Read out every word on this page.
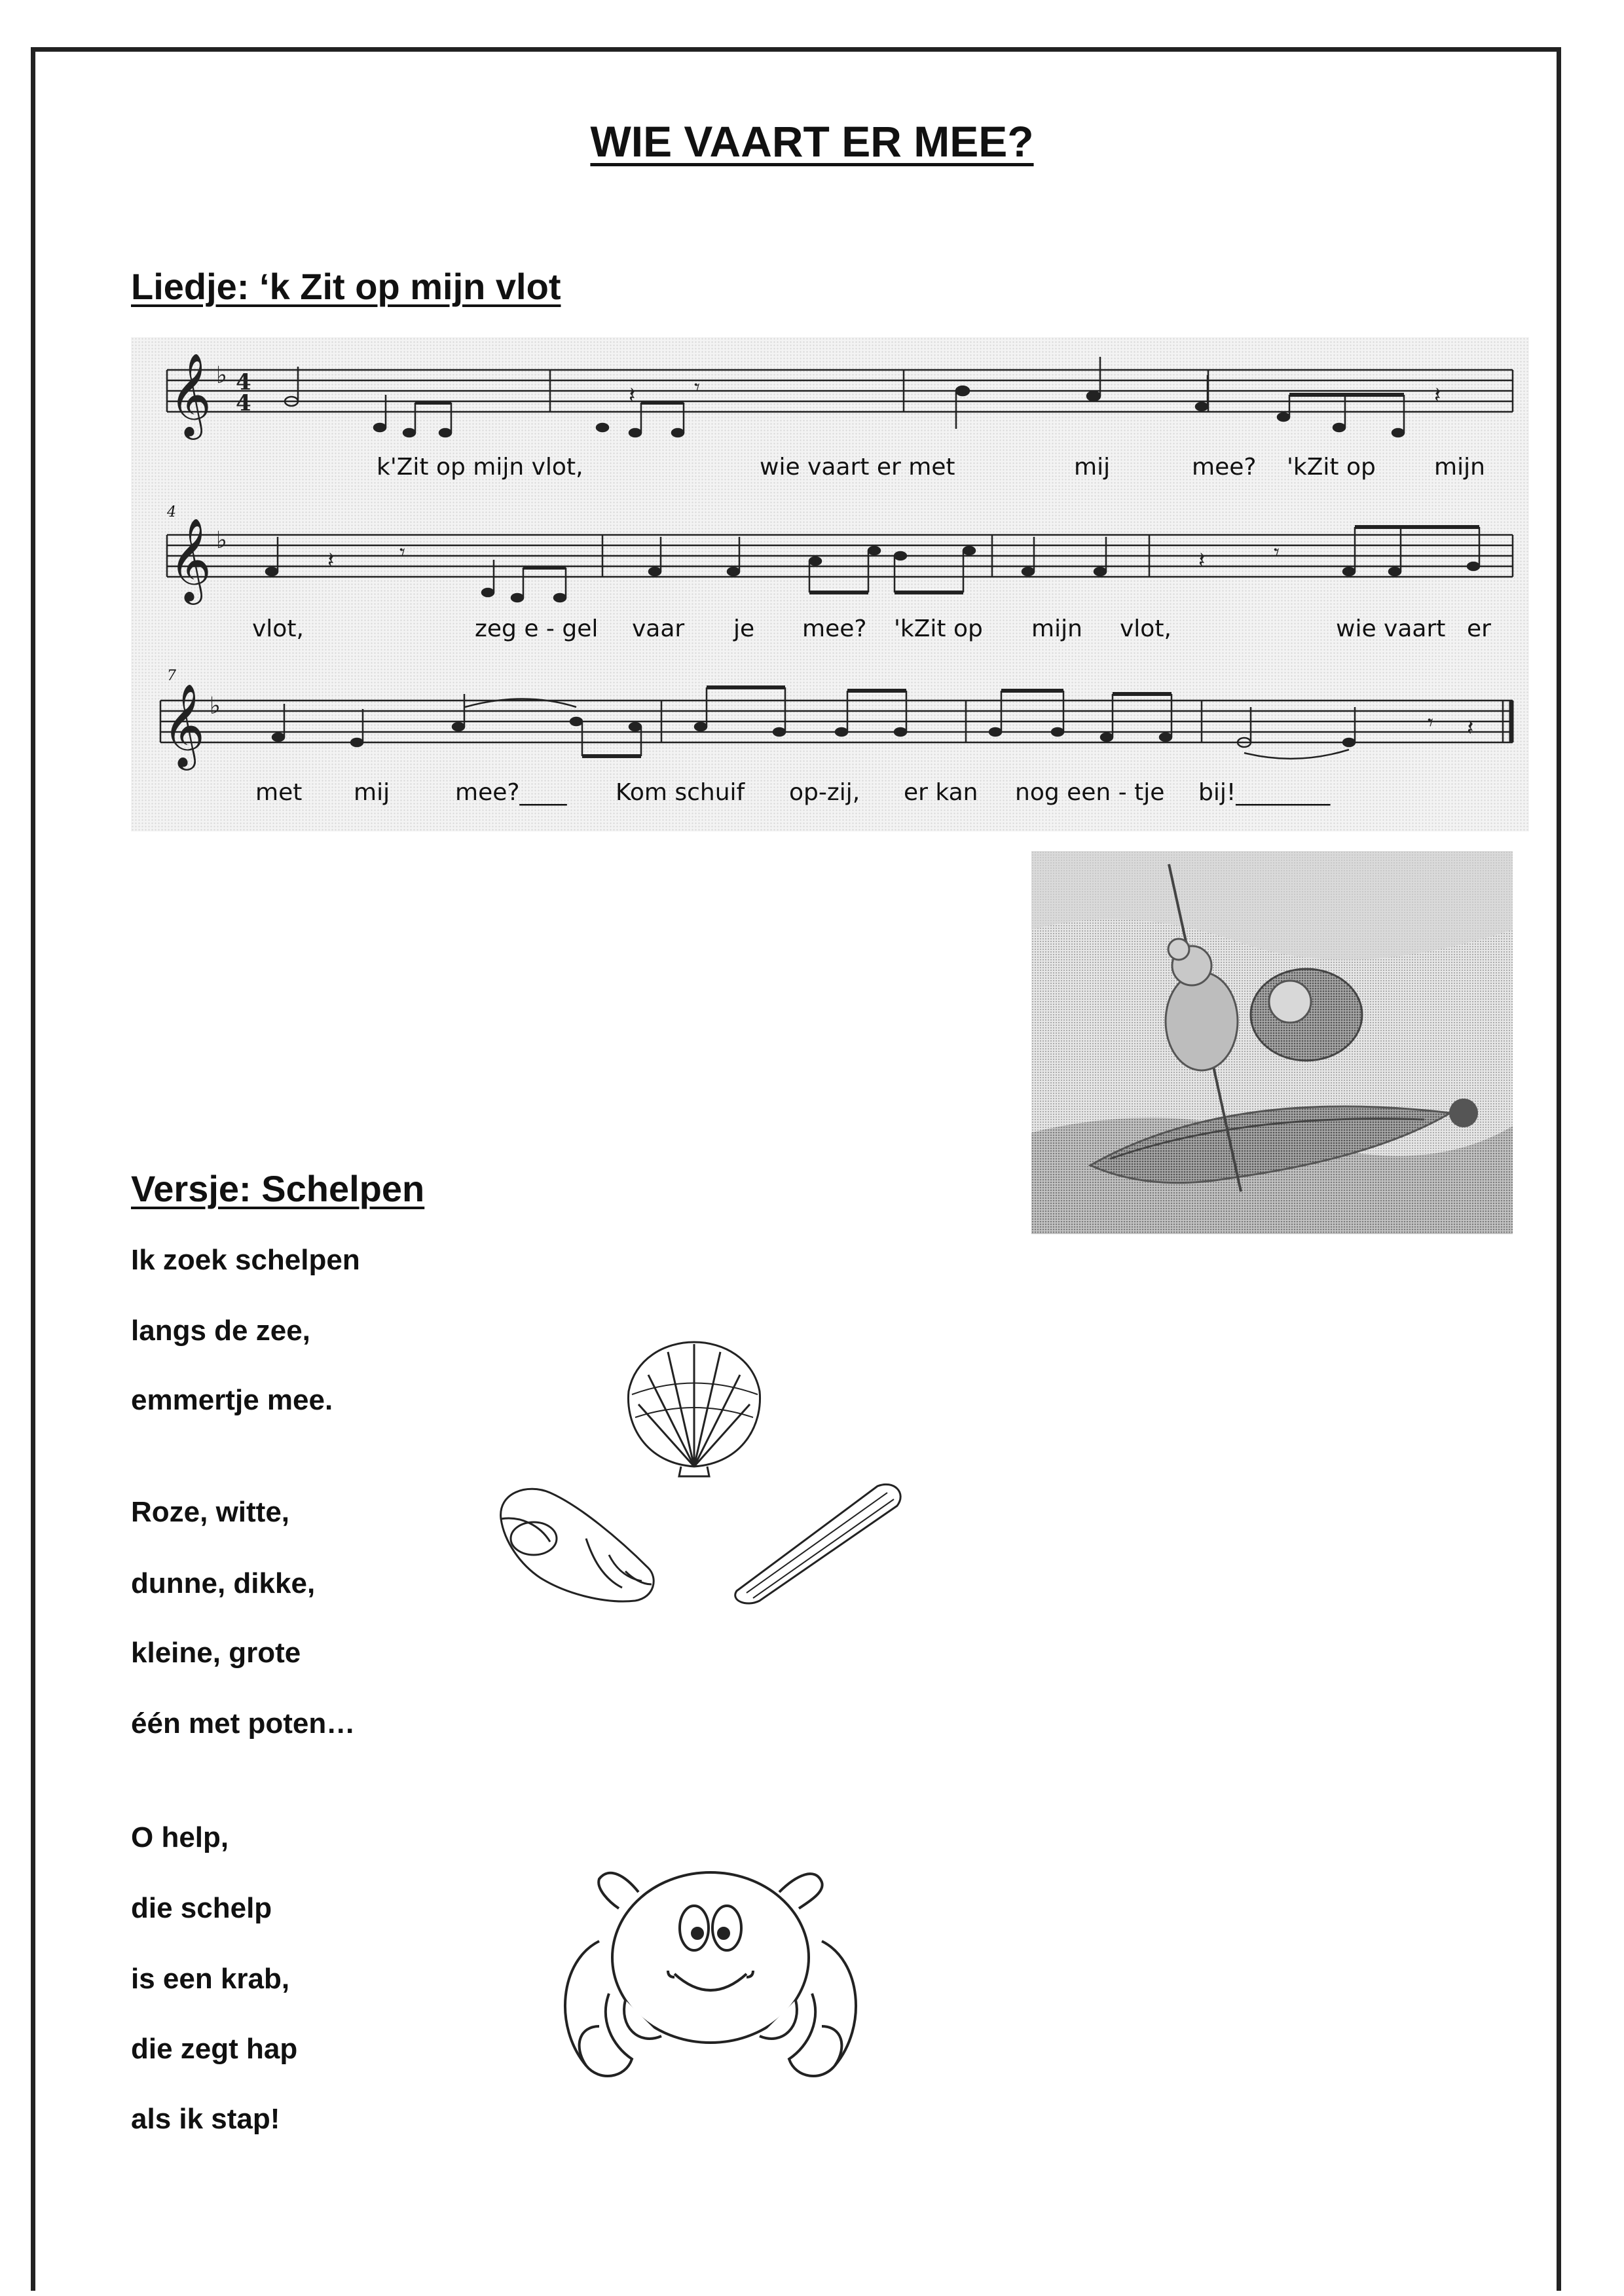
WIE VAART ER MEE?
Liedje: ‘k Zit op mijn vlot
𝄞
𝄞
𝄞
♭
♭
♭
4
4	𝄽	𝄾	𝄽
𝄽	𝄾	𝄽	𝄾
𝄾 𝄽
4
7
k'Zit op mijn vlot,	wie vaart er met	mij	mee? 'kZit op mijn
vlot,	zeg e - gel vaar je mee? 'kZit op mijn vlot,	wie vaart er
met mij	mee?____ Kom schuif op-zij, er kan nog een - tje bij!________
Versje: Schelpen
Ik zoek schelpen
langs de zee,
emmertje mee.
Roze, witte,
dunne, dikke,
kleine, grote
één met poten…
O help,
die schelp
is een krab,
die zegt hap
als ik stap!
